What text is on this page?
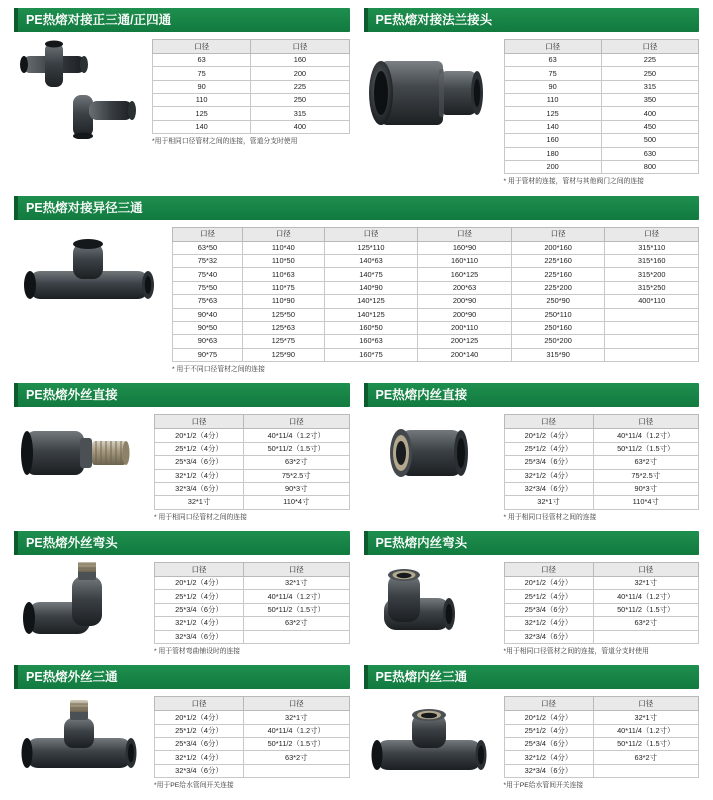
PE热熔对接正三通/正四通
口径	口径
63	160
75	200
90	225
110	250
125	315
140	400
*用于相同口径管材之间的连接，管道分支时使用
PE热熔对接法兰接头
口径	口径
63	225
75	250
90	315
110	350
125	400
140	450
160	500
180	630
200	800
* 用于管材的连接，管材与其他阀门之间的连接
PE热熔对接异径三通
口径	口径	口径	口径	口径	口径
63*50	110*40	125*110	160*90	200*160	315*110
75*32	110*50	140*63	160*110	225*160	315*160
75*40	110*63	140*75	160*125	225*160	315*200
75*50	110*75	140*90	200*63	225*200	315*250
75*63	110*90	140*125	200*90	250*90	400*110
90*40	125*50	140*125	200*90	250*110	
90*50	125*63	160*50	200*110	250*160	
90*63	125*75	160*63	200*125	250*200	
90*75	125*90	160*75	200*140	315*90	
* 用于不同口径管材之间的连接
PE热熔外丝直接
口径	口径
20*1/2（4分）	40*11/4（1.2寸）
25*1/2（4分）	50*11/2（1.5寸）
25*3/4（6分）	63*2寸
32*1/2（4分）	75*2.5寸
32*3/4（6分）	90*3寸
32*1寸	110*4寸
* 用于相同口径管材之间的连接
PE热熔内丝直接
口径	口径
20*1/2（4分）	40*11/4（1.2寸）
25*1/2（4分）	50*11/2（1.5寸）
25*3/4（6分）	63*2寸
32*1/2（4分）	75*2.5寸
32*3/4（6分）	90*3寸
32*1寸	110*4寸
* 用于相同口径管材之间的连接
PE热熔外丝弯头
口径	口径
20*1/2（4分）	32*1寸
25*1/2（4分）	40*11/4（1.2寸）
25*3/4（6分）	50*11/2（1.5寸）
32*1/2（4分）	63*2寸
32*3/4（6分）	
* 用于管材弯曲铺设时的连接
PE热熔内丝弯头
口径	口径
20*1/2（4分）	32*1寸
25*1/2（4分）	40*11/4（1.2寸）
25*3/4（6分）	50*11/2（1.5寸）
32*1/2（4分）	63*2寸
32*3/4（6分）	
*用于相同口径管材之间的连接，管道分支时使用
PE热熔外丝三通
口径	口径
20*1/2（4分）	32*1寸
25*1/2（4分）	40*11/4（1.2寸）
25*3/4（6分）	50*11/2（1.5寸）
32*1/2（4分）	63*2寸
32*3/4（6分）	
*用于PE给水管间开关连接
PE热熔内丝三通
口径	口径
20*1/2（4分）	32*1寸
25*1/2（4分）	40*11/4（1.2寸）
25*3/4（6分）	50*11/2（1.5寸）
32*1/2（4分）	63*2寸
32*3/4（6分）	
*用于PE给水管间开关连接
